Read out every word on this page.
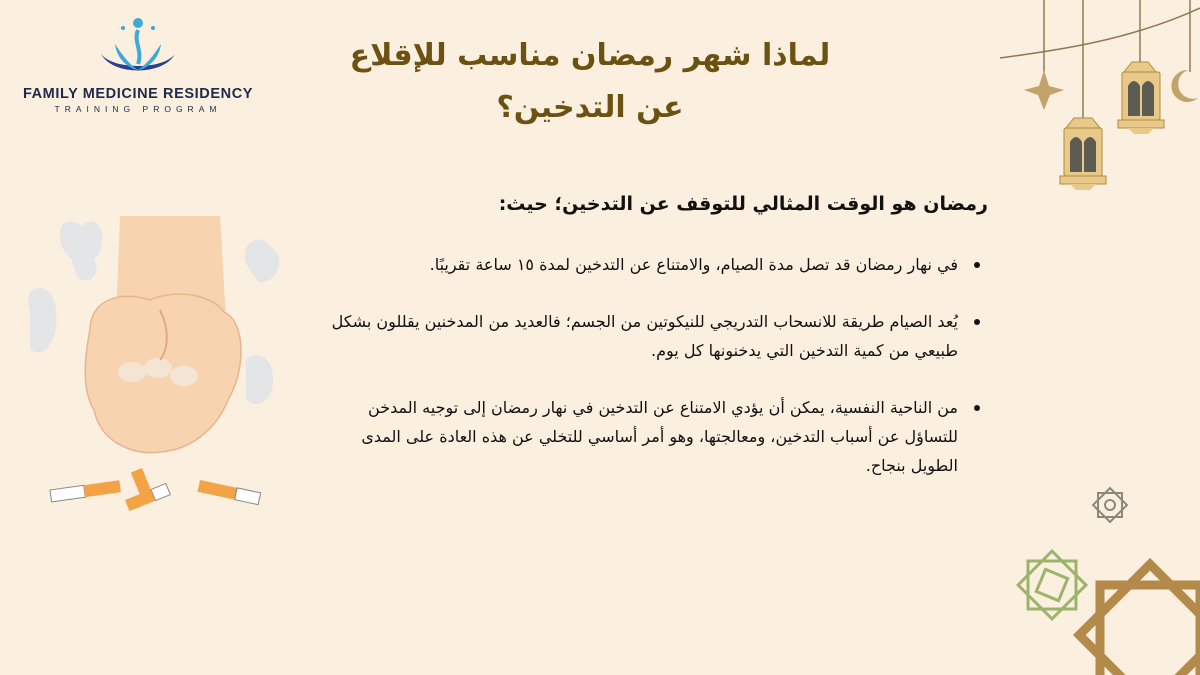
FAMILY MEDICINE RESIDENCY
TRAINING PROGRAM
لماذا شهر رمضان مناسب للإقلاع عن التدخين؟

رمضان هو الوقت المثالي للتوقف عن التدخين؛ حيث:

في نهار رمضان قد تصل مدة الصيام، والامتناع عن التدخين لمدة ١٥ ساعة تقريبًا.
يُعد الصيام طريقة للانسحاب التدريجي للنيكوتين من الجسم؛ فالعديد من المدخنين يقللون بشكل طبيعي من كمية التدخين التي يدخنونها كل يوم.
من الناحية النفسية، يمكن أن يؤدي الامتناع عن التدخين في نهار رمضان إلى توجيه المدخن للتساؤل عن أسباب التدخين، ومعالجتها، وهو أمر أساسي للتخلي عن هذه العادة على المدى الطويل بنجاح.
